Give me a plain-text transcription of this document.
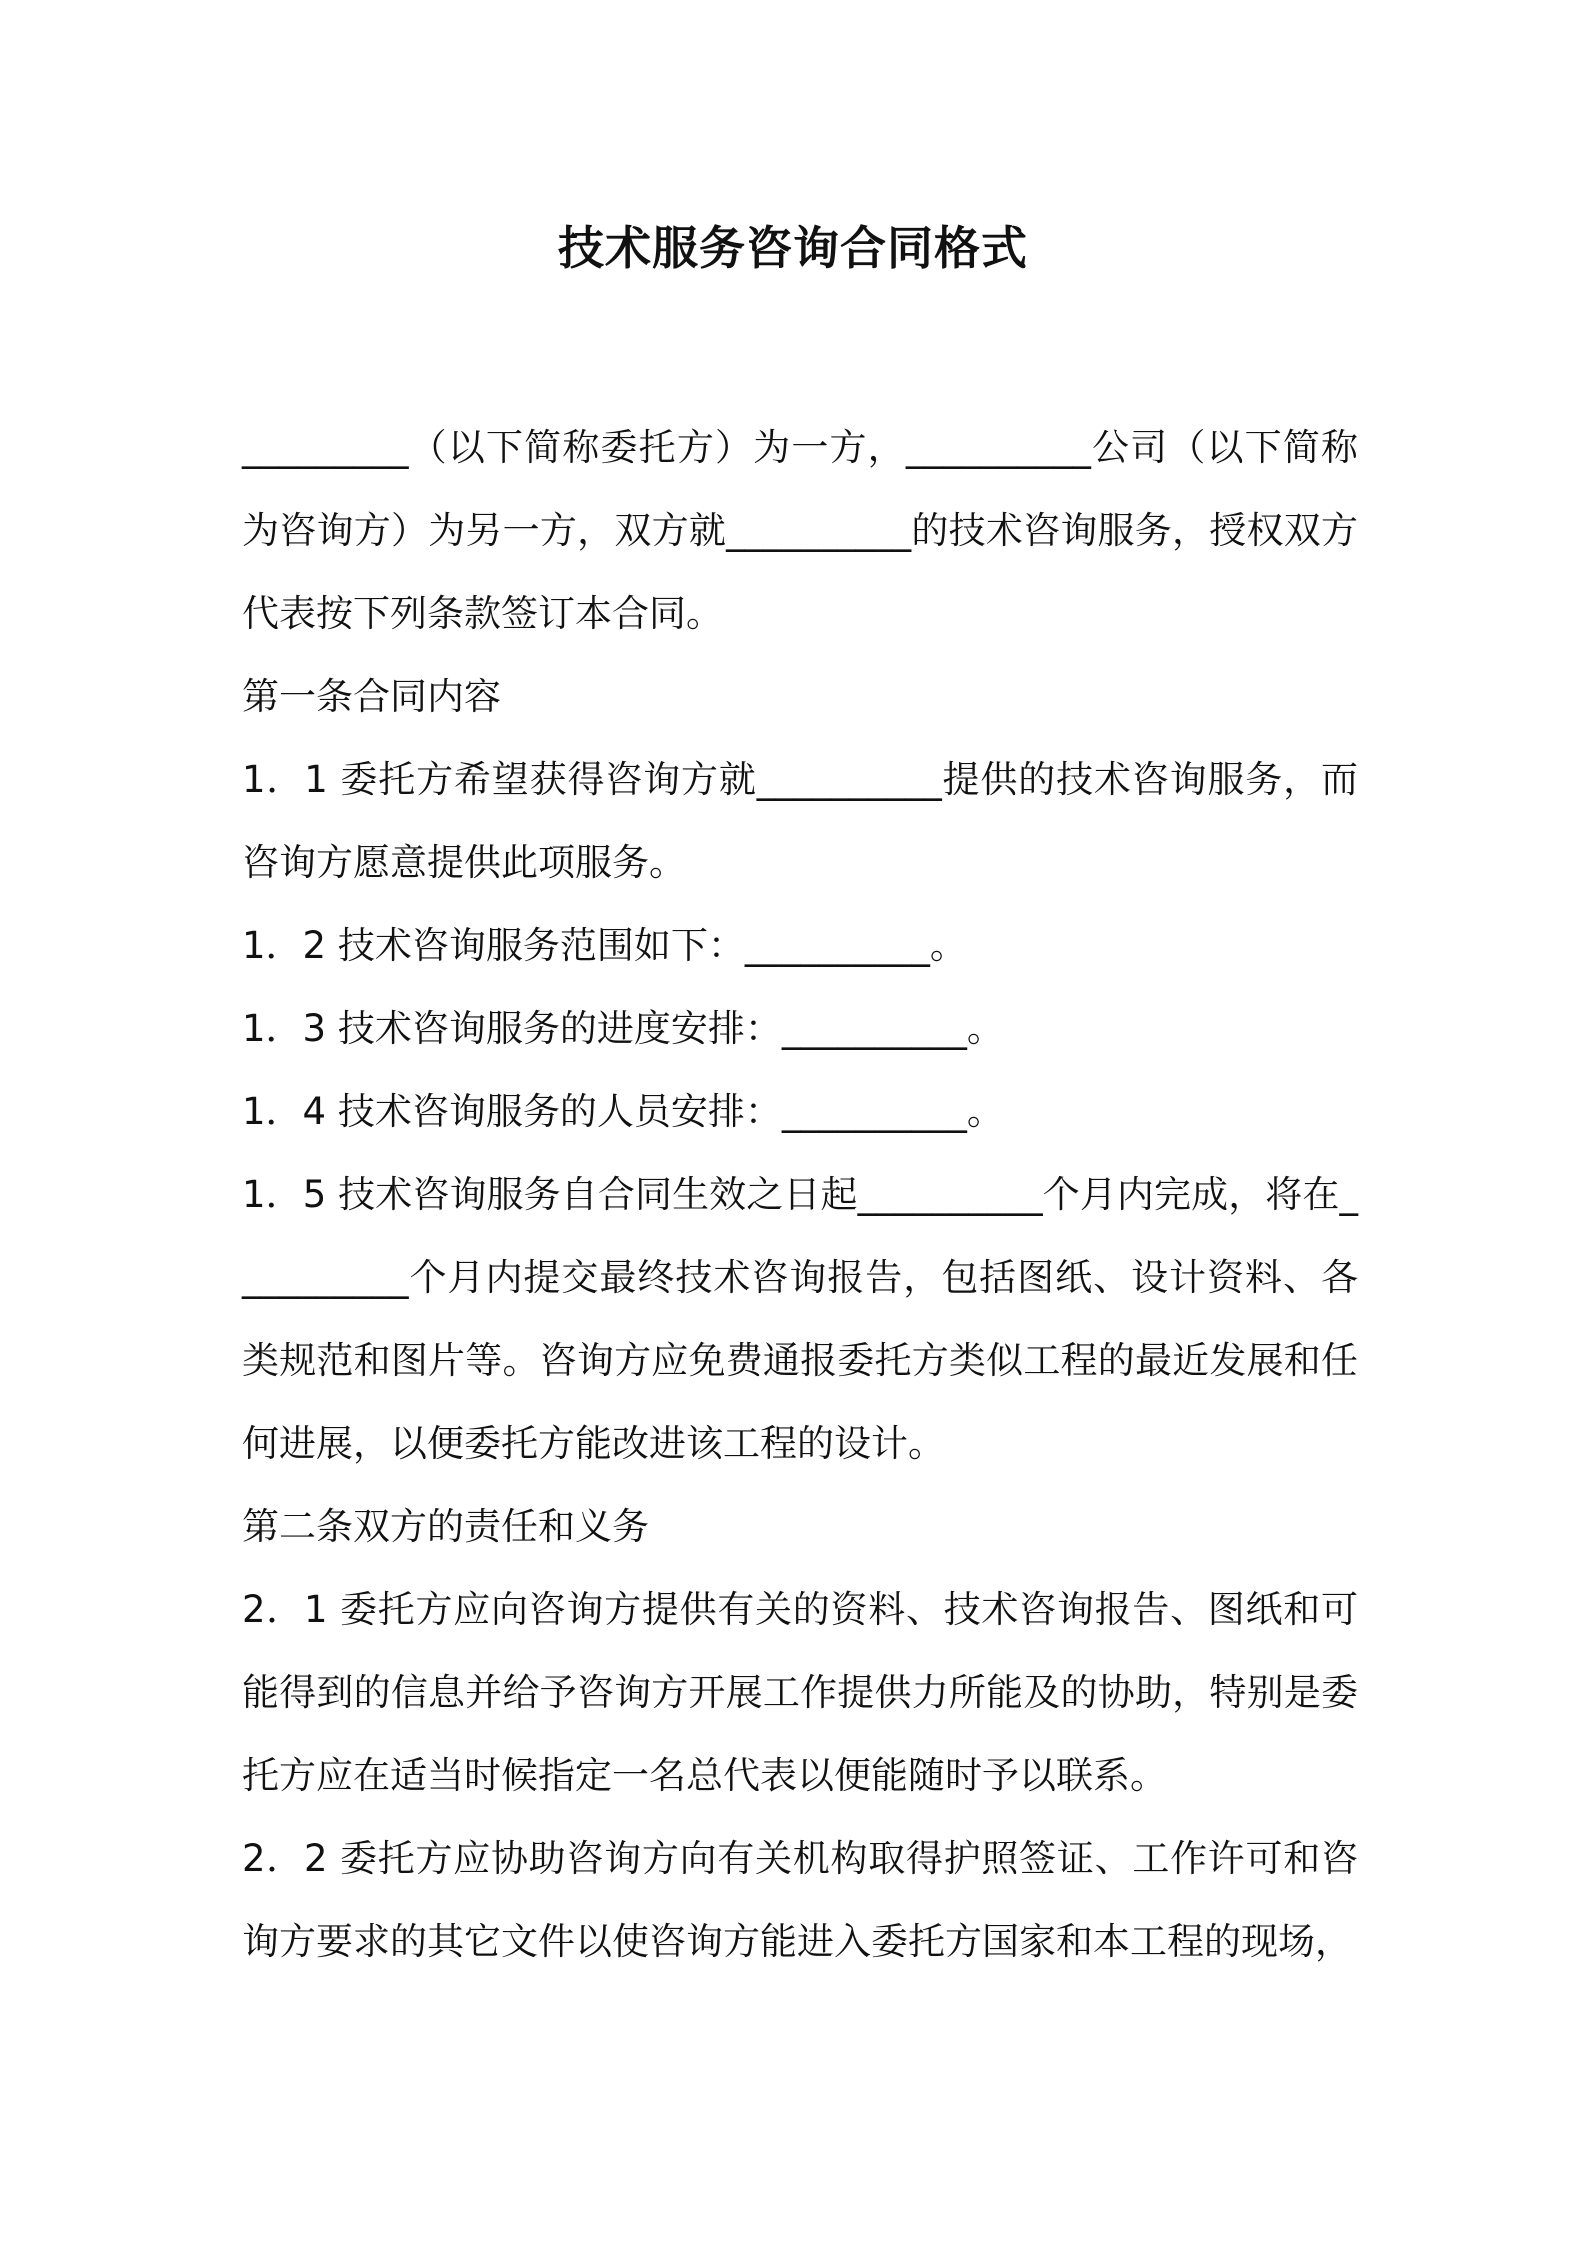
技术服务咨询合同格式

_________（以下简称委托方）为一方，__________公司（以下简称为咨询方）为另一方，双方就__________的技术咨询服务，授权双方代表按下列条款签订本合同。

第一条合同内容

1．1 委托方希望获得咨询方就__________提供的技术咨询服务，而咨询方愿意提供此项服务。

1．2 技术咨询服务范围如下：__________。

1．3 技术咨询服务的进度安排：__________。

1．4 技术咨询服务的人员安排：__________。

1．5 技术咨询服务自合同生效之日起__________个月内完成，将在__________个月内提交最终技术咨询报告，包括图纸、设计资料、各类规范和图片等。咨询方应免费通报委托方类似工程的最近发展和任何进展，以便委托方能改进该工程的设计。

第二条双方的责任和义务

2．1 委托方应向咨询方提供有关的资料、技术咨询报告、图纸和可能得到的信息并给予咨询方开展工作提供力所能及的协助，特别是委托方应在适当时候指定一名总代表以便能随时予以联系。

2．2 委托方应协助咨询方向有关机构取得护照签证、工作许可和咨询方要求的其它文件以使咨询方能进入委托方国家和本工程的现场，
